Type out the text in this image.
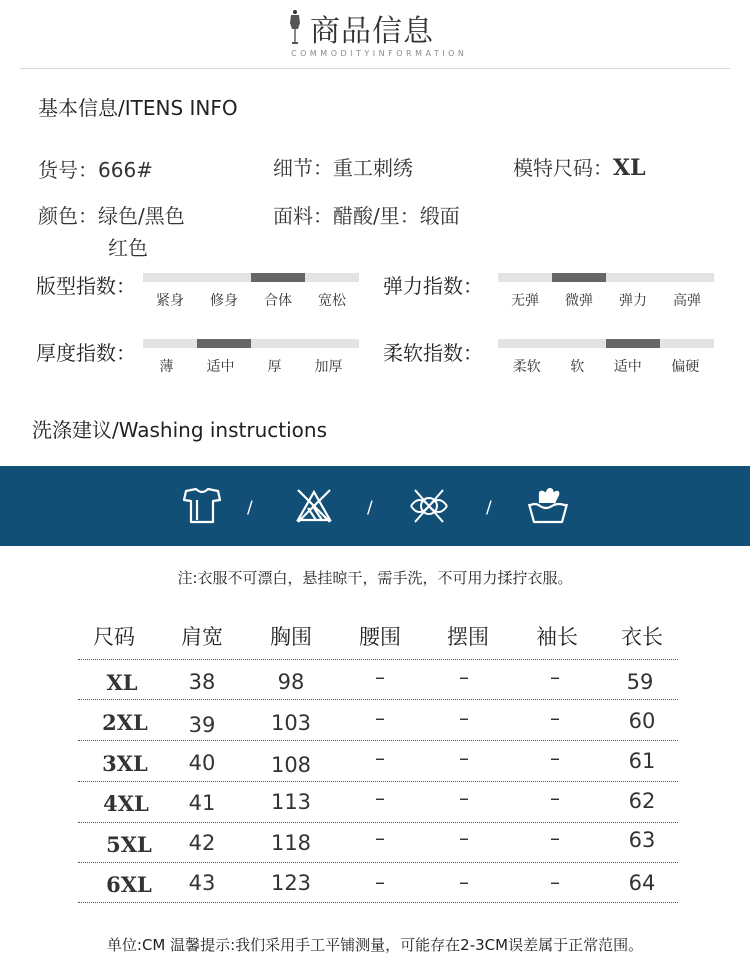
商品信息
COMMODITYINFORMATION
基本信息/ITENS INFO
货号：666#	细节：重工刺绣	模特尺码：XL
颜色：绿色/黑色
红色
面料：醋酸/里：缎面
版型指数：
紧身 修身 合体 宽松
弹力指数：
无弹 微弹 弹力 高弹
厚度指数：
薄 适中 厚 加厚
柔软指数：
柔软 软 适中 偏硬
洗涤建议/Washing instructions
/	/	/
注:衣服不可漂白，悬挂晾干，需手洗，不可用力揉拧衣服。
尺码	肩宽	胸围	腰围	摆围	袖长	衣长
XL	38	98	–	–	–	59
2XL	39	103	–	–	–	60
3XL	40	108	–	–	–	61
4XL	41	113	–	–	–	62
5XL	42	118	–	–	–	63
6XL	43	123	–	–	–	64
单位:CM 温馨提示:我们采用手工平铺测量，可能存在2-3CM误差属于正常范围。
